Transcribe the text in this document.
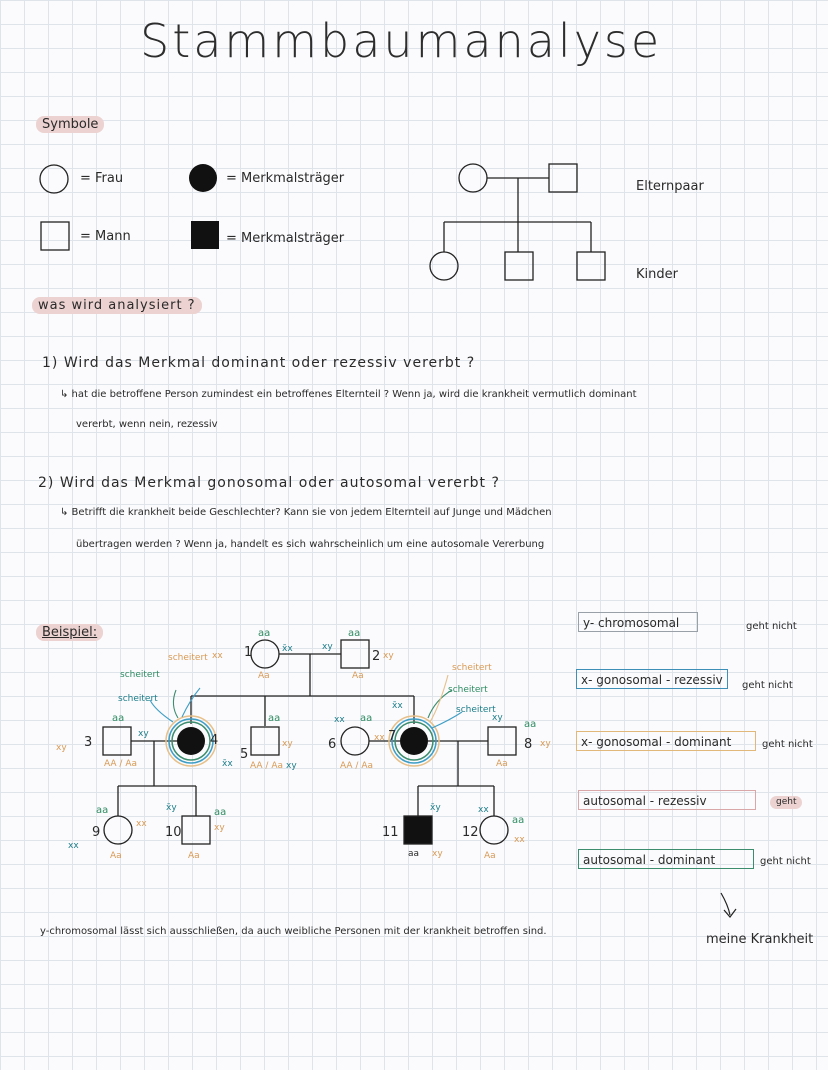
Stammbaumanalyse
Symbole
= Frau
= Mann
= Merkmalsträger
= Merkmalsträger
Elternpaar
Kinder
was wird analysiert ?
1) Wird das Merkmal dominant oder rezessiv vererbt ?
↳ hat die betroffene Person zumindest ein betroffenes Elternteil ? Wenn ja, wird die krankheit vermutlich dominant
vererbt, wenn nein, rezessiv
2) Wird das Merkmal gonosomal oder autosomal vererbt ?
↳ Betrifft die krankheit beide Geschlechter? Kann sie von jedem Elternteil auf Junge und Mädchen
übertragen werden ? Wenn ja, handelt es sich wahrscheinlich um eine autosomale Vererbung
Beispiel:
1	2
3	4
5
6
7
8
9	10	11	12
aa	aa
aa	aa	aa
aa
aa	aa
aa
aa
Aa	Aa
AA / Aa	AA / Aa	AA / Aa	Aa
Aa	Aa	Aa
xx
x̄x	xy
xy
xy
xy
x̄x
xy
xy
xx
xx
x̄x
xy
xy
xx
xx
x̄y
xy
x̄y
xy
xx
xx
scheitert
scheitert
scheitert
scheitert
scheitert
scheitert
y- chromosomal	geht nicht
x- gonosomal - rezessiv	geht nicht
x- gonosomal - dominant	geht nicht
autosomal - rezessiv	geht
autosomal - dominant	geht nicht
y-chromosomal lässt sich ausschließen, da auch weibliche Personen mit der krankheit betroffen sind.
meine Krankheit
